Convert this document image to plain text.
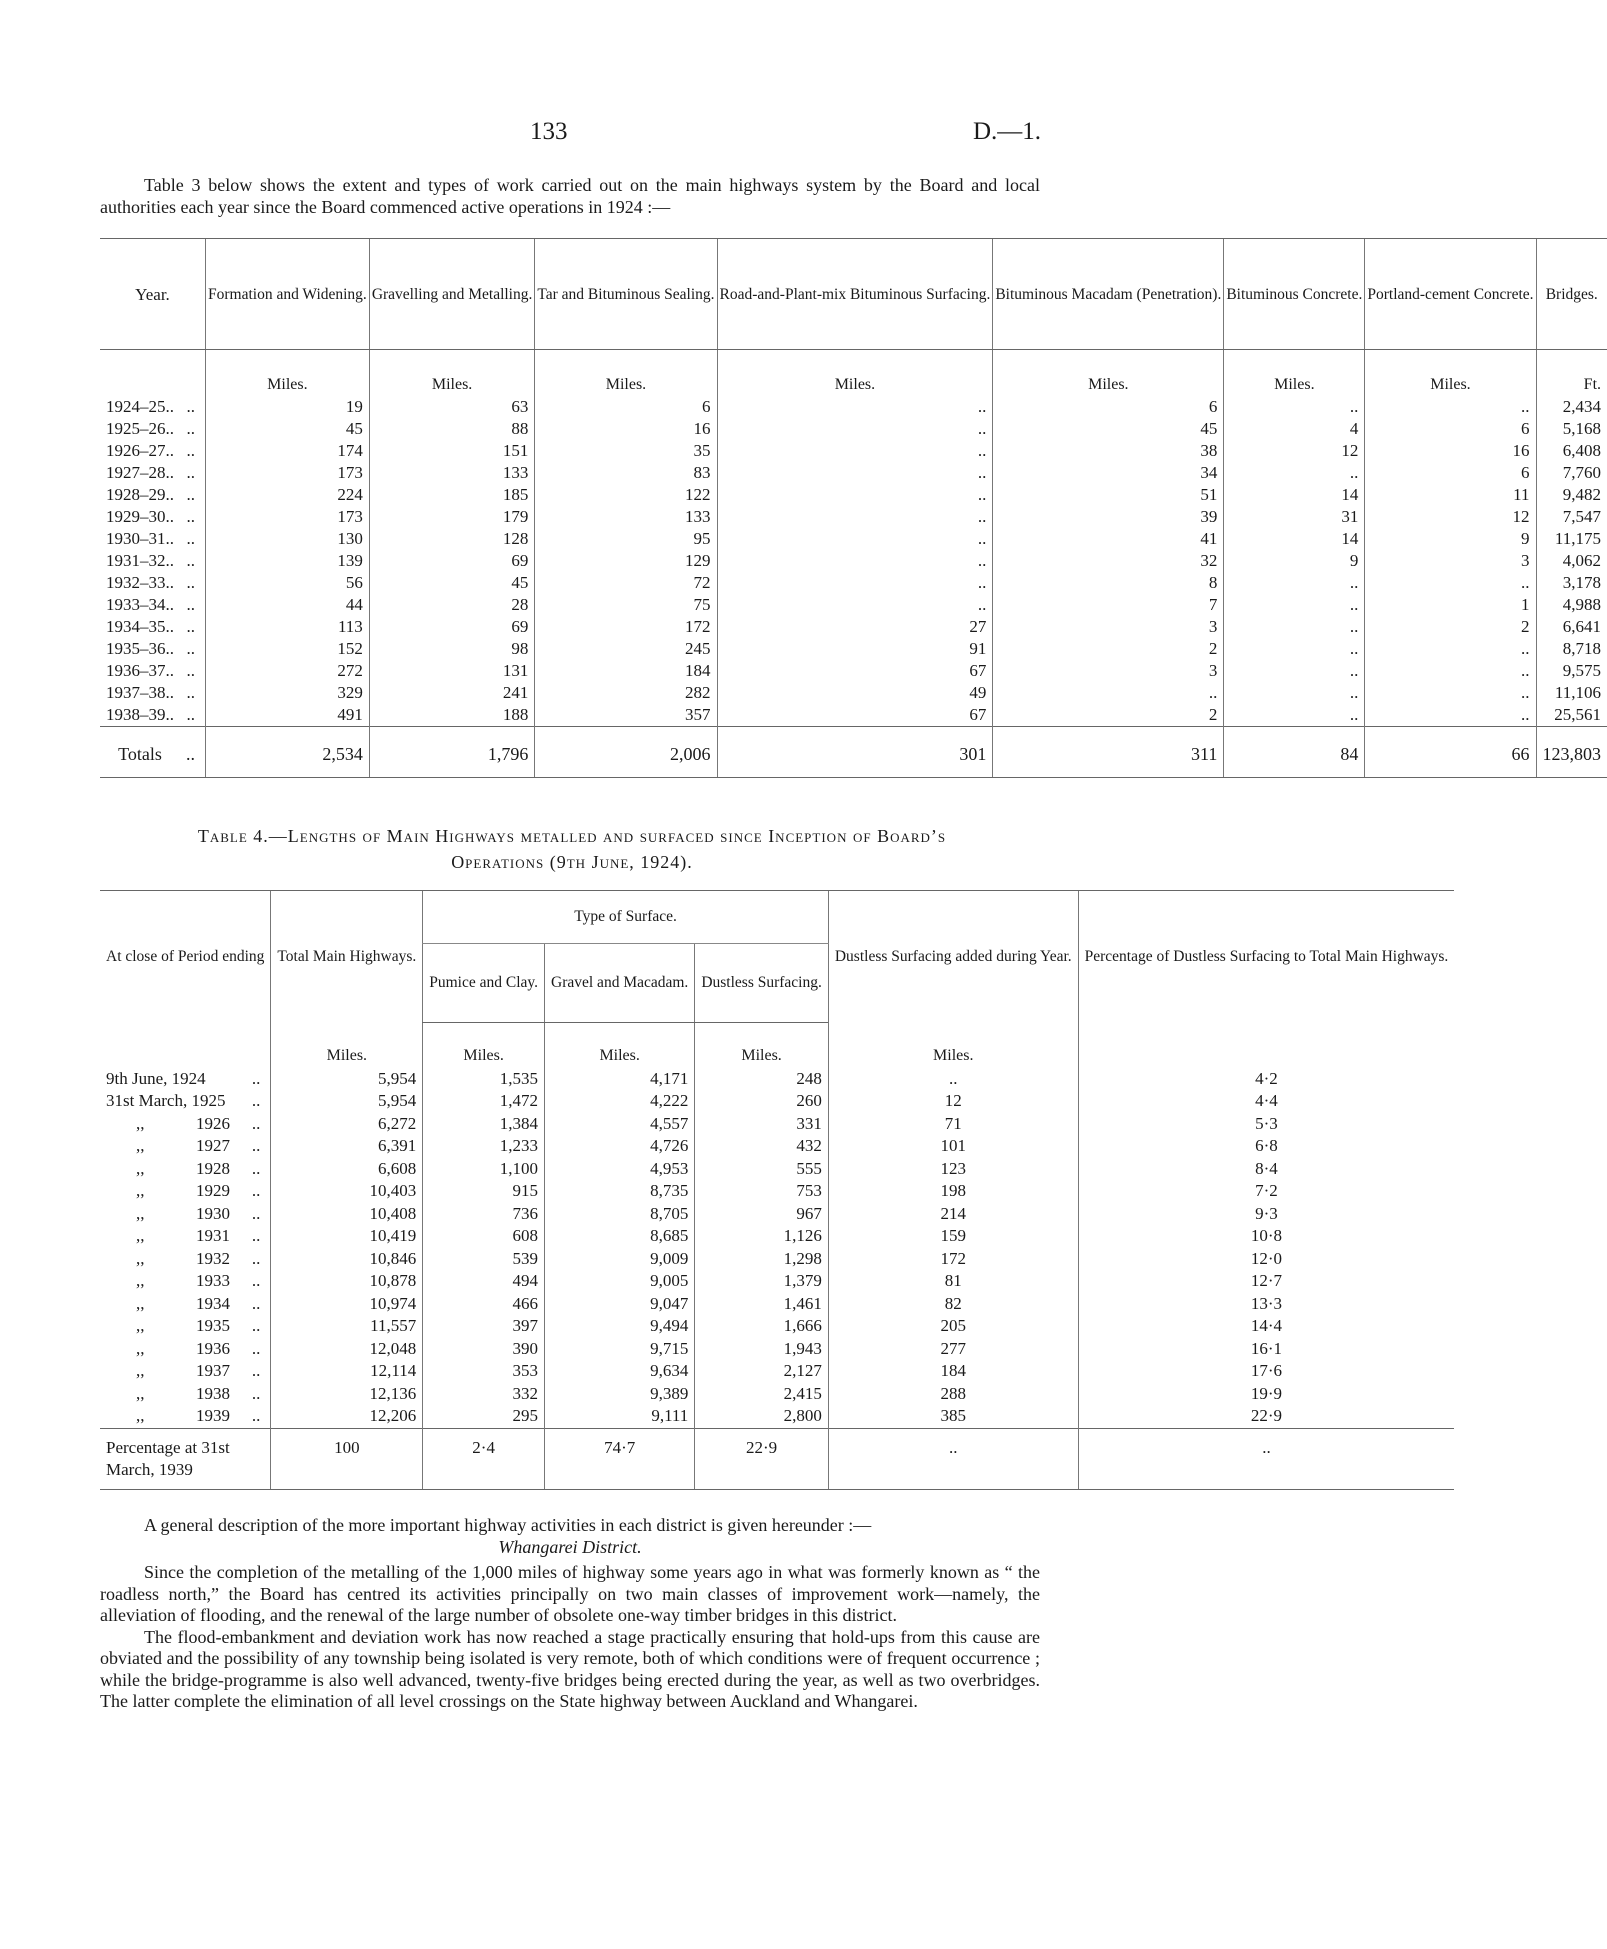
133	D.—1.

Table 3 below shows the extent and types of work carried out on the main highways system by the Board and local authorities each year since the Board commenced active operations in 1924 :—

Year.		Formation and Widening.	Gravelling and Metalling.	Tar and Bituminous Sealing.	Road-and-Plant-mix Bituminous Surfacing.	Bituminous Macadam (Penetration).	Bituminous Concrete.	Portland-cement Concrete.	Bridges.
		Miles.	Miles.	Miles.	Miles.	Miles.	Miles.	Miles.	Ft.
1924–25..	..	19	63	6	..	6	..	..	2,434
1925–26..	..	45	88	16	..	45	4	6	5,168
1926–27..	..	174	151	35	..	38	12	16	6,408
1927–28..	..	173	133	83	..	34	..	6	7,760
1928–29..	..	224	185	122	..	51	14	11	9,482
1929–30..	..	173	179	133	..	39	31	12	7,547
1930–31..	..	130	128	95	..	41	14	9	11,175
1931–32..	..	139	69	129	..	32	9	3	4,062
1932–33..	..	56	45	72	..	8	..	..	3,178
1933–34..	..	44	28	75	..	7	..	1	4,988
1934–35..	..	113	69	172	27	3	..	2	6,641
1935–36..	..	152	98	245	91	2	..	..	8,718
1936–37..	..	272	131	184	67	3	..	..	9,575
1937–38..	..	329	241	282	49	..	..	..	11,106
1938–39..	..	491	188	357	67	2	..	..	25,561
Totals	..	2,534	1,796	2,006	301	311	84	66	123,803
Table 4.—Lengths of Main Highways metalled and surfaced since Inception of Board’s
Operations (9th June, 1924).
At close of Period ending		Total Main Highways.	Type of Surface.			Dustless Surfacing added during Year.	Percentage of Dustless Surfacing to Total Main Highways.
			Pumice and Clay.	Gravel and Macadam.	Dustless Surfacing.		
		Miles.	Miles.	Miles.	Miles.	Miles.	
9th June, 1924	..	5,954	1,535	4,171	248	..	4·2
31st March, 1925	..	5,954	1,472	4,222	260	12	4·4
,, 1926	..	6,272	1,384	4,557	331	71	5·3
,, 1927	..	6,391	1,233	4,726	432	101	6·8
,, 1928	..	6,608	1,100	4,953	555	123	8·4
,, 1929	..	10,403	915	8,735	753	198	7·2
,, 1930	..	10,408	736	8,705	967	214	9·3
,, 1931	..	10,419	608	8,685	1,126	159	10·8
,, 1932	..	10,846	539	9,009	1,298	172	12·0
,, 1933	..	10,878	494	9,005	1,379	81	12·7
,, 1934	..	10,974	466	9,047	1,461	82	13·3
,, 1935	..	11,557	397	9,494	1,666	205	14·4
,, 1936	..	12,048	390	9,715	1,943	277	16·1
,, 1937	..	12,114	353	9,634	2,127	184	17·6
,, 1938	..	12,136	332	9,389	2,415	288	19·9
,, 1939	..	12,206	295	9,111	2,800	385	22·9
Percentage at 31st March, 1939		100	2·4	74·7	22·9	..	..

A general description of the more important highway activities in each district is given hereunder :—

Whangarei District.

Since the completion of the metalling of the 1,000 miles of highway some years ago in what was formerly known as “ the roadless north,” the Board has centred its activities principally on two main classes of improvement work—namely, the alleviation of flooding, and the renewal of the large number of obsolete one-way timber bridges in this district.

The flood-embankment and deviation work has now reached a stage practically ensuring that hold-ups from this cause are obviated and the possibility of any township being isolated is very remote, both of which conditions were of frequent occurrence ; while the bridge-programme is also well advanced, twenty-five bridges being erected during the year, as well as two overbridges. The latter complete the elimination of all level crossings on the State highway between Auckland and Whangarei.
